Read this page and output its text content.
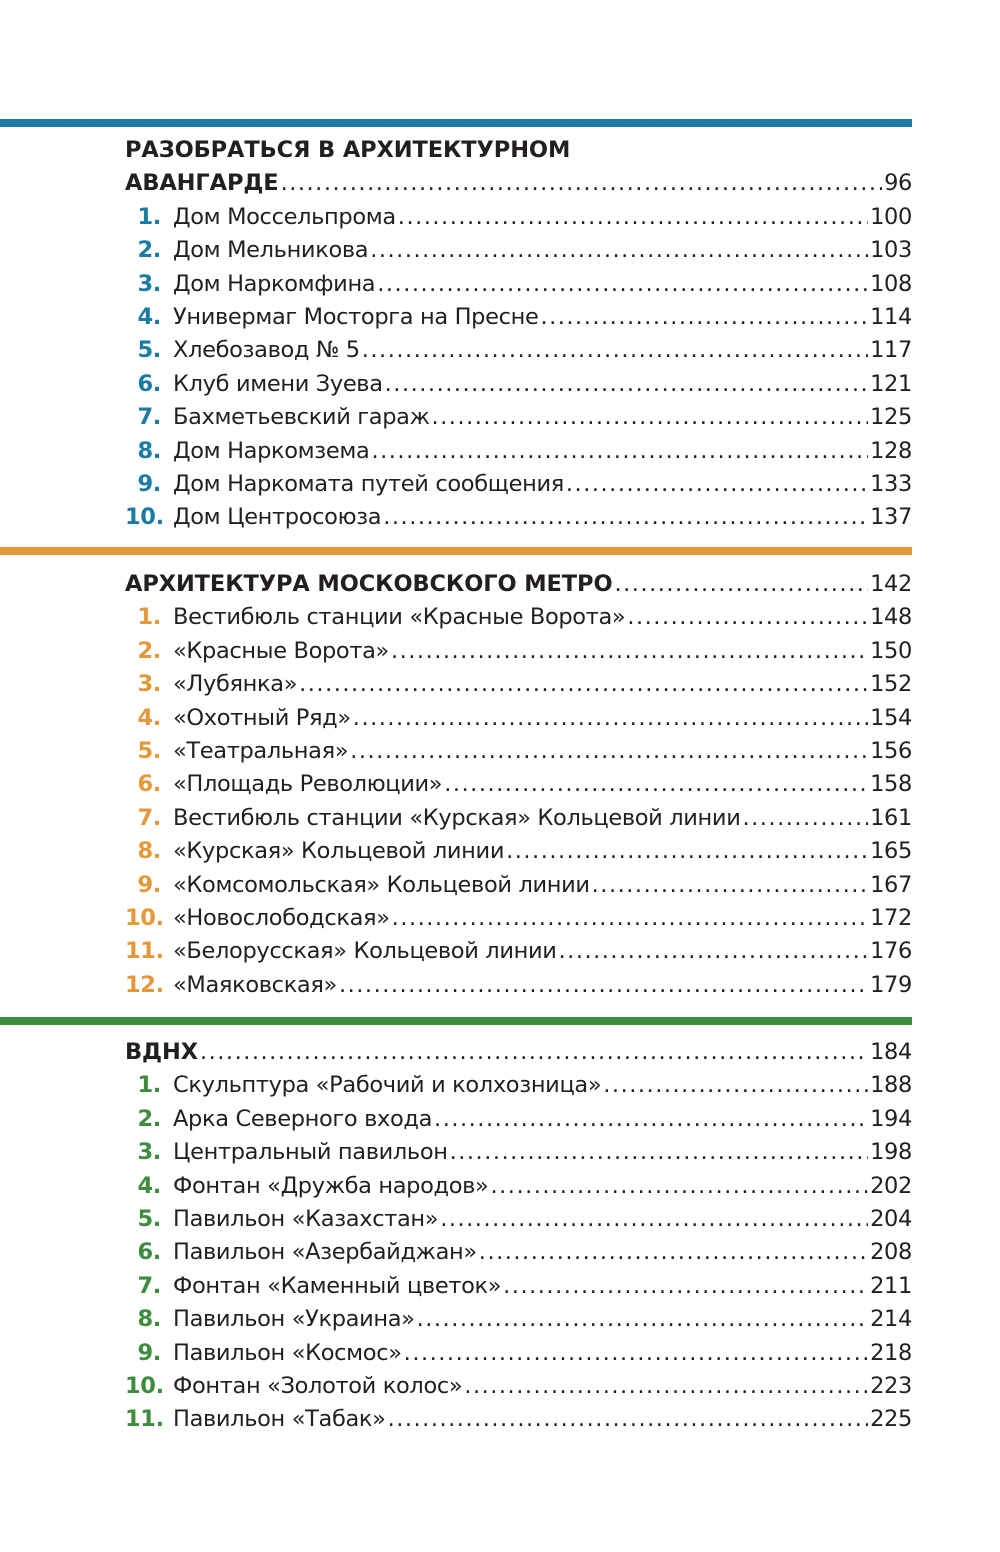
РАЗОБРАТЬСЯ В АРХИТЕКТУРНОМ
АВАНГАРДЕ .....	96
1. Дом Моссельпрома .....	100
2. Дом Мельникова .....	103
3. Дом Наркомфина .....	108
4. Универмаг Мосторга на Пресне .....	114
5. Хлебозавод № 5 .....	117
6. Клуб имени Зуева .....	121
7. Бахметьевский гараж .....	125
8. Дом Наркомзема .....	128
9. Дом Наркомата путей сообщения .....	133
10. Дом Центросоюза .....	137
АРХИТЕКТУРА МОСКОВСКОГО МЕТРО .....	142
1. Вестибюль станции «Красные Ворота» .....	148
2. «Красные Ворота» .....	150
3. «Лубянка» .....	152
4. «Охотный Ряд» .....	154
5. «Театральная» .....	156
6. «Площадь Революции» .....	158
7. Вестибюль станции «Курская» Кольцевой линии .....	161
8. «Курская» Кольцевой линии .....	165
9. «Комсомольская» Кольцевой линии .....	167
10. «Новослободская» .....	172
11. «Белорусская» Кольцевой линии .....	176
12. «Маяковская» .....	179
ВДНХ .....	184
1. Скульптура «Рабочий и колхозница» .....	188
2. Арка Северного входа .....	194
3. Центральный павильон .....	198
4. Фонтан «Дружба народов» .....	202
5. Павильон «Казахстан» .....	204
6. Павильон «Азербайджан» .....	208
7. Фонтан «Каменный цветок» .....	211
8. Павильон «Украина» .....	214
9. Павильон «Космос» .....	218
10. Фонтан «Золотой колос» .....	223
11. Павильон «Табак» .....	225
